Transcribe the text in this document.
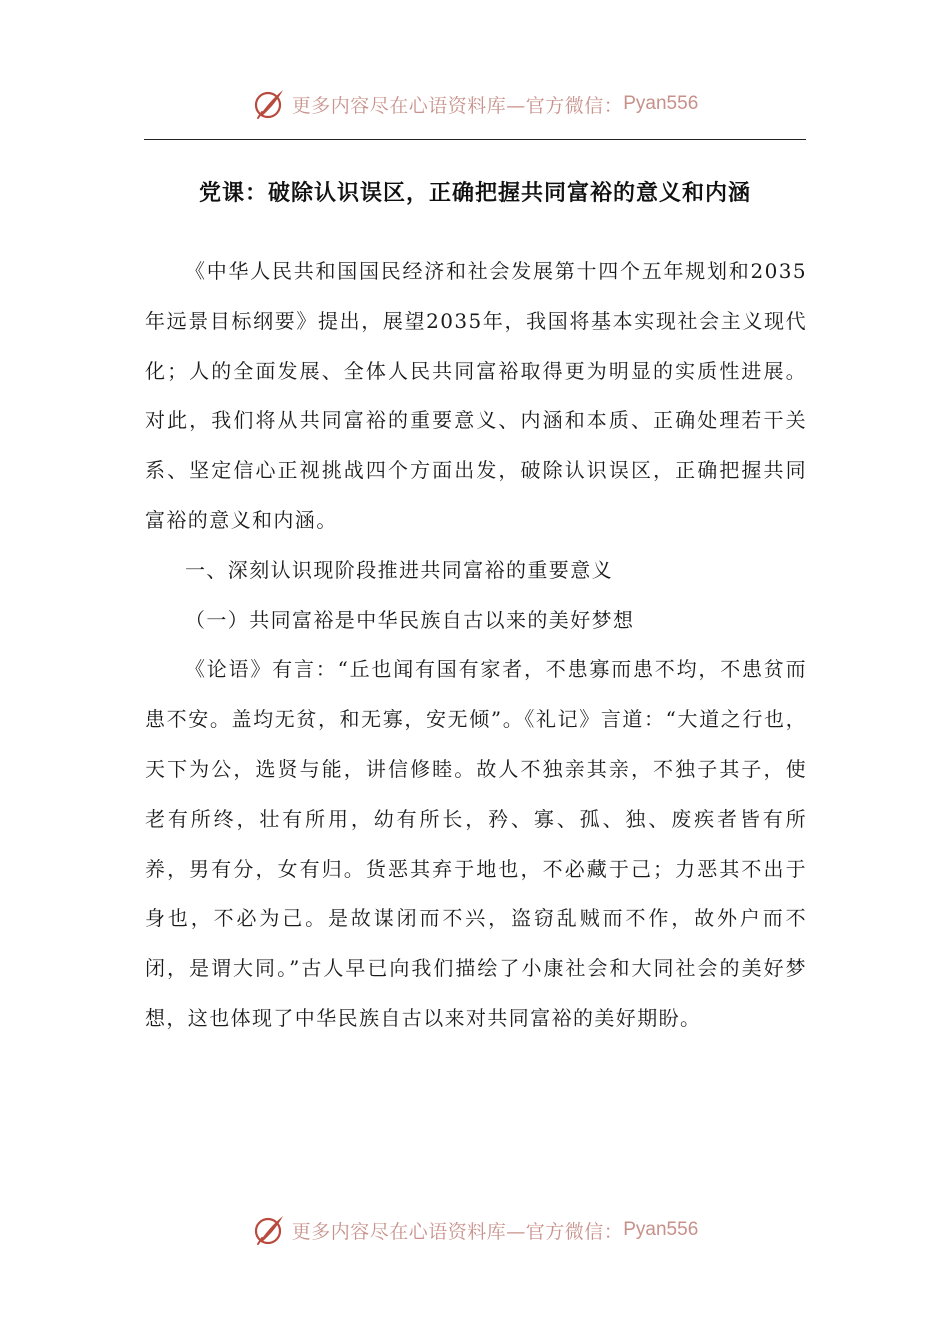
更多内容尽在心语资料库—官方微信： Pyan556
党课：破除认识误区，正确把握共同富裕的意义和内涵

《中华人民共和国国民经济和社会发展第十四个五年规划和2035年远景目标纲要》提出，展望2035年，我国将基本实现社会主义现代化；人的全面发展、全体人民共同富裕取得更为明显的实质性进展。对此，我们将从共同富裕的重要意义、内涵和本质、正确处理若干关系、坚定信心正视挑战四个方面出发，破除认识误区，正确把握共同富裕的意义和内涵。

一、深刻认识现阶段推进共同富裕的重要意义

（一）共同富裕是中华民族自古以来的美好梦想

《论语》有言：“丘也闻有国有家者，不患寡而患不均，不患贫而患不安。盖均无贫，和无寡，安无倾”。《礼记》言道：“大道之行也，天下为公，选贤与能，讲信修睦。故人不独亲其亲，不独子其子，使老有所终，壮有所用，幼有所长，矜、寡、孤、独、废疾者皆有所养，男有分，女有归。货恶其弃于地也，不必藏于己；力恶其不出于身也，不必为己。是故谋闭而不兴，盗窃乱贼而不作，故外户而不闭，是谓大同。”古人早已向我们描绘了小康社会和大同社会的美好梦想，这也体现了中华民族自古以来对共同富裕的美好期盼。

更多内容尽在心语资料库—官方微信： Pyan556
